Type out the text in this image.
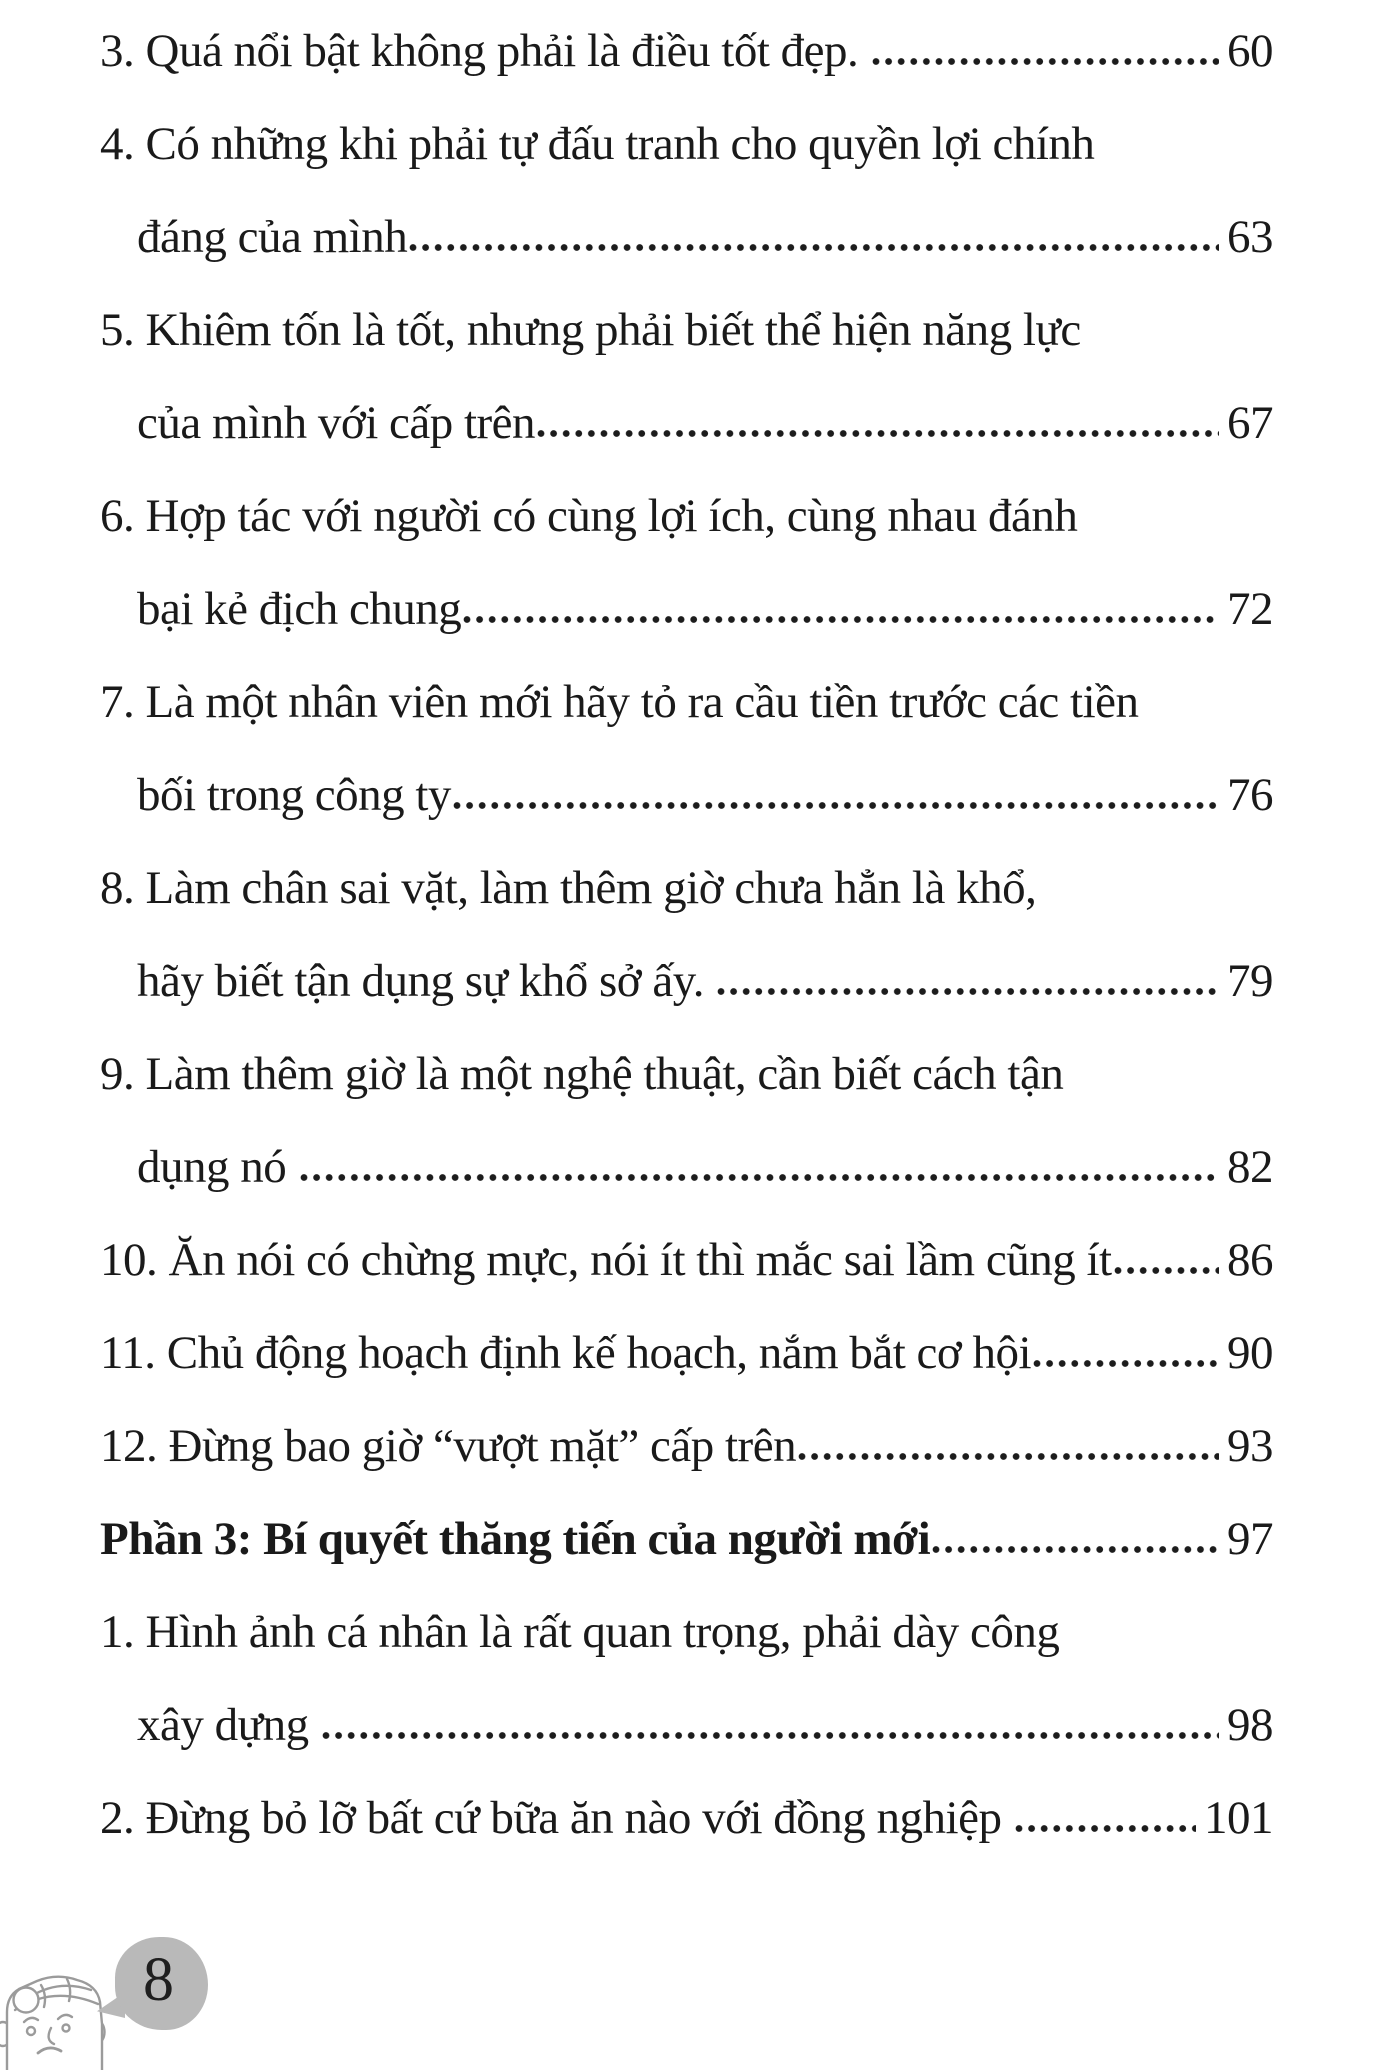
3. Quá nổi bật không phải là điều tốt đẹp.	60
4. Có những khi phải tự đấu tranh cho quyền lợi chính
đáng của mình	63
5. Khiêm tốn là tốt, nhưng phải biết thể hiện năng lực
của mình với cấp trên	67
6. Hợp tác với người có cùng lợi ích, cùng nhau đánh
bại kẻ địch chung	72
7. Là một nhân viên mới hãy tỏ ra cầu tiền trước các tiền
bối trong công ty	76
8. Làm chân sai vặt, làm thêm giờ chưa hẳn là khổ,
hãy biết tận dụng sự khổ sở ấy.	79
9. Làm thêm giờ là một nghệ thuật, cần biết cách tận
dụng nó	82
10. Ăn nói có chừng mực, nói ít thì mắc sai lầm cũng ít 86
11. Chủ động hoạch định kế hoạch, nắm bắt cơ hội	90
12. Đừng bao giờ “vượt mặt” cấp trên	93
Phần 3: Bí quyết thăng tiến của người mới	97
1. Hình ảnh cá nhân là rất quan trọng, phải dày công
xây dựng	98
2. Đừng bỏ lỡ bất cứ bữa ăn nào với đồng nghiệp	101
8
